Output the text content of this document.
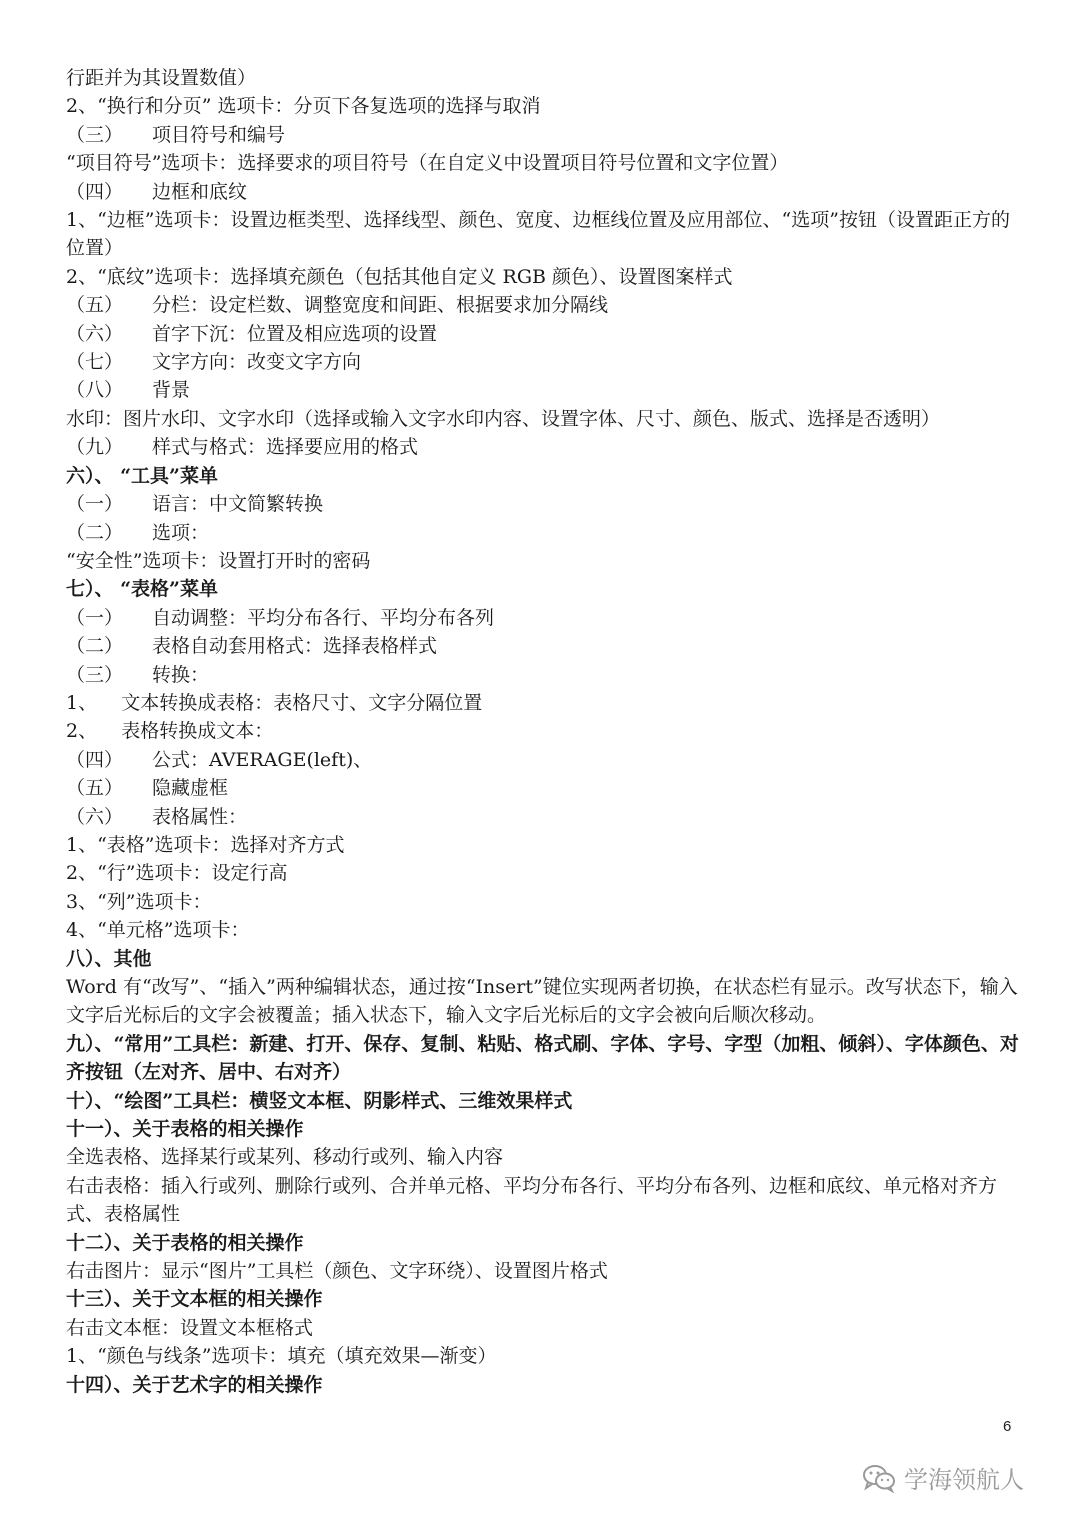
行距并为其设置数值）
2、“换行和分页” 选项卡：分页下各复选项的选择与取消
（三） 项目符号和编号
“项目符号”选项卡：选择要求的项目符号（在自定义中设置项目符号位置和文字位置）
（四） 边框和底纹
1、“边框”选项卡：设置边框类型、选择线型、颜色、宽度、边框线位置及应用部位、“选项”按钮（设置距正方的位置）
2、“底纹”选项卡：选择填充颜色（包括其他自定义 RGB 颜色）、设置图案样式
（五） 分栏：设定栏数、调整宽度和间距、根据要求加分隔线
（六） 首字下沉：位置及相应选项的设置
（七） 文字方向：改变文字方向
（八） 背景
水印：图片水印、文字水印（选择或输入文字水印内容、设置字体、尺寸、颜色、版式、选择是否透明）
（九） 样式与格式：选择要应用的格式
六）、 “工具”菜单
（一） 语言：中文简繁转换
（二） 选项：
“安全性”选项卡：设置打开时的密码
七）、 “表格”菜单
（一） 自动调整：平均分布各行、平均分布各列
（二） 表格自动套用格式：选择表格样式
（三） 转换：
1、    文本转换成表格：表格尺寸、文字分隔位置
2、    表格转换成文本：
（四） 公式：AVERAGE(left)、
（五） 隐藏虚框
（六） 表格属性：
1、“表格”选项卡：选择对齐方式
2、“行”选项卡：设定行高
3、“列”选项卡：
4、“单元格”选项卡：
八）、其他
Word 有“改写”、“插入”两种编辑状态，通过按“Insert”键位实现两者切换，在状态栏有显示。改写状态下，输入文字后光标后的文字会被覆盖；插入状态下，输入文字后光标后的文字会被向后顺次移动。
九）、“常用”工具栏：新建、打开、保存、复制、粘贴、格式刷、字体、字号、字型（加粗、倾斜）、字体颜色、对齐按钮（左对齐、居中、右对齐）
十）、“绘图”工具栏：横竖文本框、阴影样式、三维效果样式
十一）、关于表格的相关操作
全选表格、选择某行或某列、移动行或列、输入内容
右击表格：插入行或列、删除行或列、合并单元格、平均分布各行、平均分布各列、边框和底纹、单元格对齐方式、表格属性
十二）、关于表格的相关操作
右击图片：显示“图片”工具栏（颜色、文字环绕）、设置图片格式
十三）、关于文本框的相关操作
右击文本框：设置文本框格式
1、“颜色与线条”选项卡：填充（填充效果—渐变）
十四）、关于艺术字的相关操作
6
学海领航人
